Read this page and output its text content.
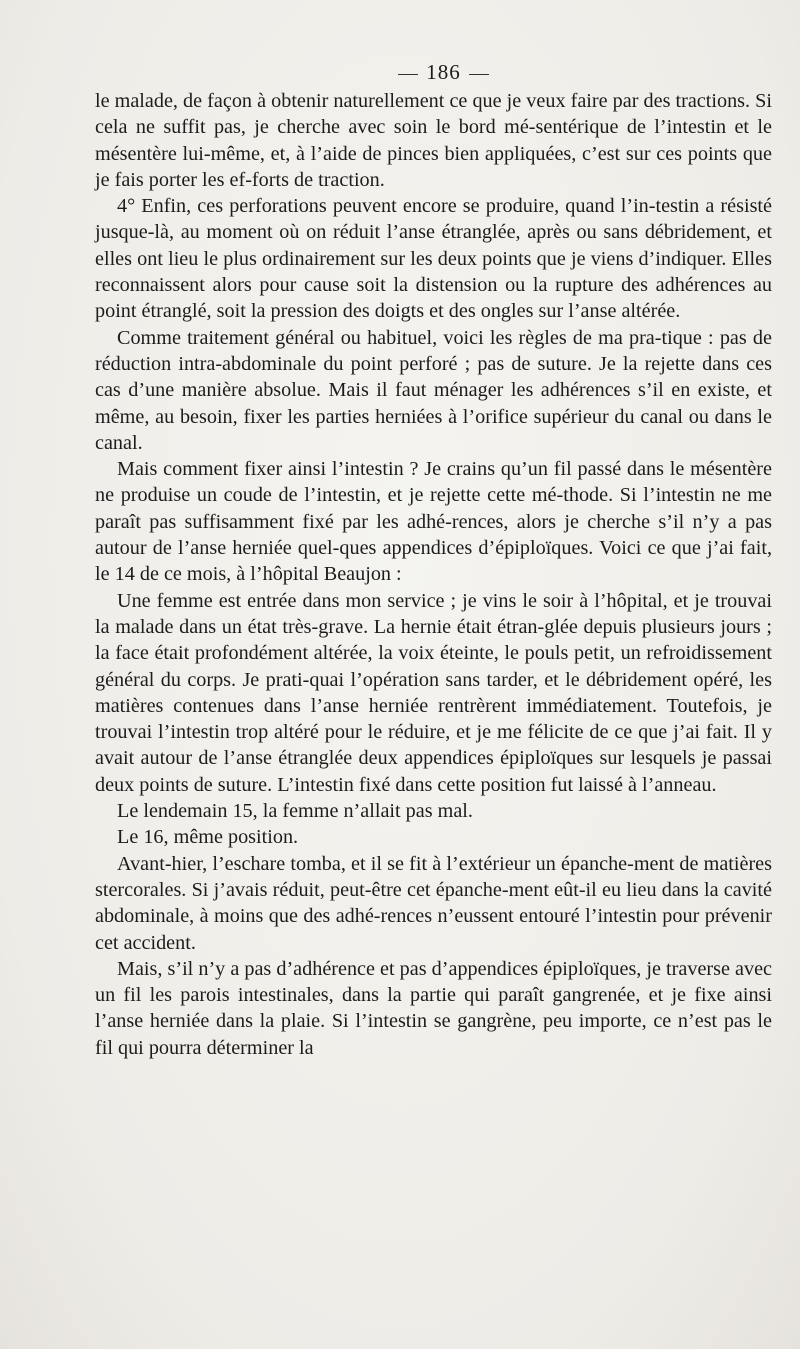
186

le malade, de façon à obtenir naturellement ce que je veux faire par des tractions. Si cela ne suffit pas, je cherche avec soin le bord mé-sentérique de l’intestin et le mésentère lui-même, et, à l’aide de pinces bien appliquées, c’est sur ces points que je fais porter les ef-forts de traction.

4° Enfin, ces perforations peuvent encore se produire, quand l’in-testin a résisté jusque-là, au moment où on réduit l’anse étranglée, après ou sans débridement, et elles ont lieu le plus ordinairement sur les deux points que je viens d’indiquer. Elles reconnaissent alors pour cause soit la distension ou la rupture des adhérences au point étranglé, soit la pression des doigts et des ongles sur l’anse altérée.

Comme traitement général ou habituel, voici les règles de ma pra-tique : pas de réduction intra-abdominale du point perforé ; pas de suture. Je la rejette dans ces cas d’une manière absolue. Mais il faut ménager les adhérences s’il en existe, et même, au besoin, fixer les parties herniées à l’orifice supérieur du canal ou dans le canal.

Mais comment fixer ainsi l’intestin ? Je crains qu’un fil passé dans le mésentère ne produise un coude de l’intestin, et je rejette cette mé-thode. Si l’intestin ne me paraît pas suffisamment fixé par les adhé-rences, alors je cherche s’il n’y a pas autour de l’anse herniée quel-ques appendices d’épiploïques. Voici ce que j’ai fait, le 14 de ce mois, à l’hôpital Beaujon :

Une femme est entrée dans mon service ; je vins le soir à l’hôpital, et je trouvai la malade dans un état très-grave. La hernie était étran-glée depuis plusieurs jours ; la face était profondément altérée, la voix éteinte, le pouls petit, un refroidissement général du corps. Je prati-quai l’opération sans tarder, et le débridement opéré, les matières contenues dans l’anse herniée rentrèrent immédiatement. Toutefois, je trouvai l’intestin trop altéré pour le réduire, et je me félicite de ce que j’ai fait. Il y avait autour de l’anse étranglée deux appendices épiploïques sur lesquels je passai deux points de suture. L’intestin fixé dans cette position fut laissé à l’anneau.

Le lendemain 15, la femme n’allait pas mal.

Le 16, même position.

Avant-hier, l’eschare tomba, et il se fit à l’extérieur un épanche-ment de matières stercorales. Si j’avais réduit, peut-être cet épanche-ment eût-il eu lieu dans la cavité abdominale, à moins que des adhé-rences n’eussent entouré l’intestin pour prévenir cet accident.

Mais, s’il n’y a pas d’adhérence et pas d’appendices épiploïques, je traverse avec un fil les parois intestinales, dans la partie qui paraît gangrenée, et je fixe ainsi l’anse herniée dans la plaie. Si l’intestin se gangrène, peu importe, ce n’est pas le fil qui pourra déterminer la
